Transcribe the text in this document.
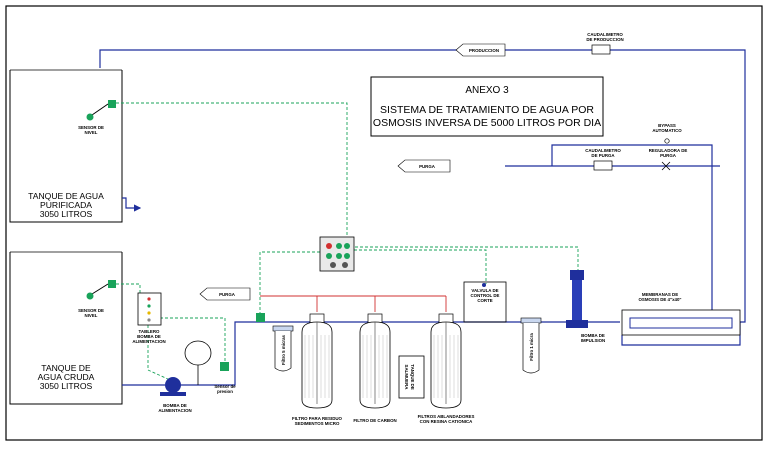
ANEXO 3
SISTEMA DE TRATAMIENTO DE AGUA POR
OSMOSIS INVERSA DE 5000 LITROS POR DIA
TANQUE DE AGUA
PURIFICADA
3050 LITROS
TANQUE DE
AGUA CRUDA
3050 LITROS
SENSOR DE
NIVEL
SENSOR DE
NIVEL
PRODUCCION
PURGA
PURGA
CAUDALIMETRO
DE PRODUCCION
CAUDALIMETRO
DE PURGA
REGULADORA DE
PURGA
BYPASS
AUTOMATICO
TABLERO
BOMBA DE
ALIMENTACION
BOMBA DE
ALIMENTACION
Sensor de
presion
Filtro 5 micras
FILTRO PARA RESIDUO
SEDIMENTOS MICRO
FILTRO DE CARBON
TANQUE DE
SALMUERA
FILTROS ABLANDADORES
CON RESINA CATIONICA
VALVULA DE
CONTROL DE
CORTE
Filtro 1 micra	BOMBA DE
IMPULSION
MEMBRANAS DE
OSMOSIS DE 4"x40"
